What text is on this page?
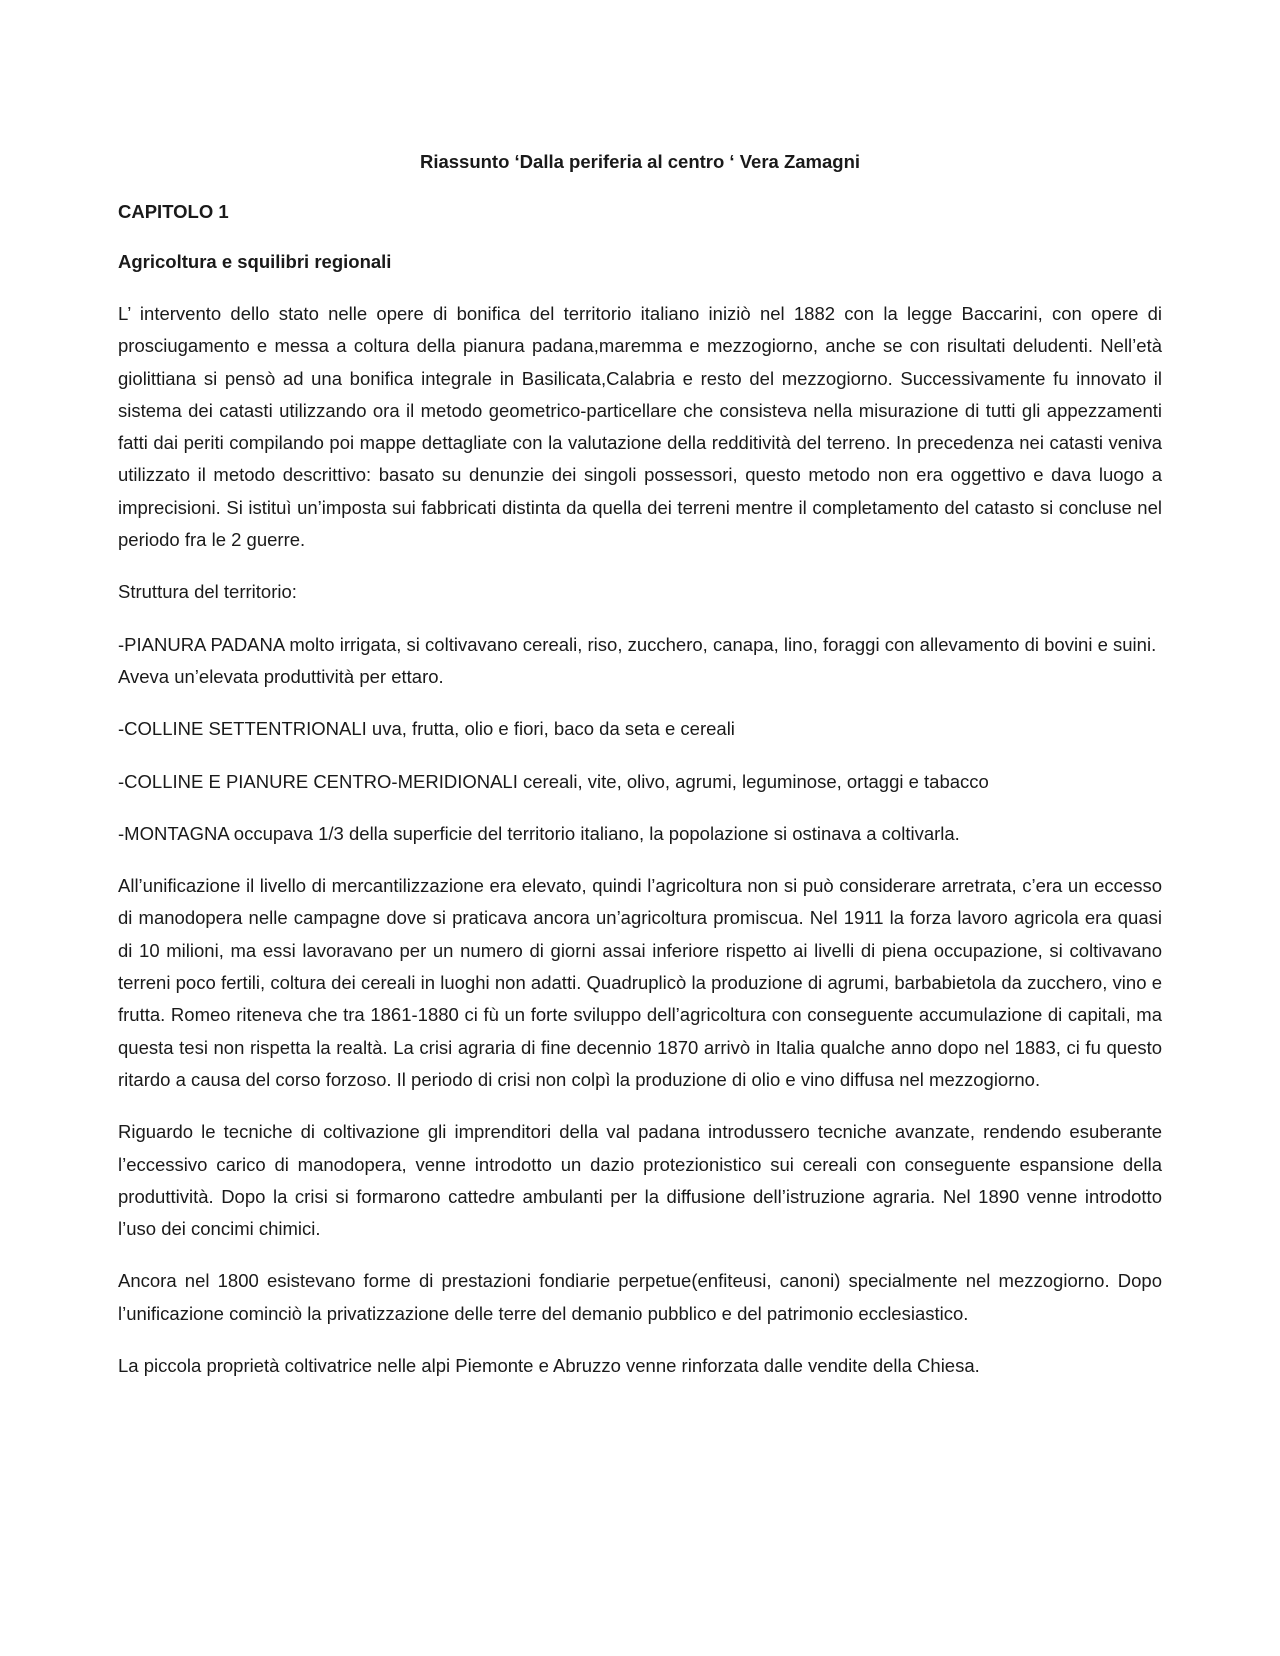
Riassunto ‘Dalla periferia al centro ‘ Vera Zamagni
CAPITOLO 1
Agricoltura e squilibri regionali

L’ intervento dello stato nelle opere di bonifica del territorio italiano iniziò nel 1882 con la legge Baccarini, con opere di prosciugamento e messa a coltura della pianura padana,maremma e mezzogiorno, anche se con risultati deludenti. Nell’età giolittiana si pensò ad una bonifica integrale in Basilicata,Calabria e resto del mezzogiorno. Successivamente fu innovato il sistema dei catasti utilizzando ora il metodo geometrico-particellare che consisteva nella misurazione di tutti gli appezzamenti fatti dai periti compilando poi mappe dettagliate con la valutazione della redditività del terreno. In precedenza nei catasti veniva utilizzato il metodo descrittivo: basato su denunzie dei singoli possessori, questo metodo non era oggettivo e dava luogo a imprecisioni. Si istituì un’imposta sui fabbricati distinta da quella dei terreni mentre il completamento del catasto si concluse nel periodo fra le 2 guerre.

Struttura del territorio:

-PIANURA PADANA molto irrigata, si coltivavano cereali, riso, zucchero, canapa, lino, foraggi con allevamento di bovini e suini. Aveva un’elevata produttività per ettaro.

-COLLINE SETTENTRIONALI uva, frutta, olio e fiori, baco da seta e cereali

-COLLINE E PIANURE CENTRO-MERIDIONALI cereali, vite, olivo, agrumi, leguminose, ortaggi e tabacco

-MONTAGNA occupava 1/3 della superficie del territorio italiano, la popolazione si ostinava a coltivarla.

All’unificazione il livello di mercantilizzazione era elevato, quindi l’agricoltura non si può considerare arretrata, c’era un eccesso di manodopera nelle campagne dove si praticava ancora un’agricoltura promiscua. Nel 1911 la forza lavoro agricola era quasi di 10 milioni, ma essi lavoravano per un numero di giorni assai inferiore rispetto ai livelli di piena occupazione, si coltivavano terreni poco fertili, coltura dei cereali in luoghi non adatti. Quadruplicò la produzione di agrumi, barbabietola da zucchero, vino e frutta. Romeo riteneva che tra 1861-1880 ci fù un forte sviluppo dell’agricoltura con conseguente accumulazione di capitali, ma questa tesi non rispetta la realtà. La crisi agraria di fine decennio 1870 arrivò in Italia qualche anno dopo nel 1883, ci fu questo ritardo a causa del corso forzoso. Il periodo di crisi non colpì la produzione di olio e vino diffusa nel mezzogiorno.

Riguardo le tecniche di coltivazione gli imprenditori della val padana introdussero tecniche avanzate, rendendo esuberante l’eccessivo carico di manodopera, venne introdotto un dazio protezionistico sui cereali con conseguente espansione della produttività. Dopo la crisi si formarono cattedre ambulanti per la diffusione dell’istruzione agraria. Nel 1890 venne introdotto l’uso dei concimi chimici.

Ancora nel 1800 esistevano forme di prestazioni fondiarie perpetue(enfiteusi, canoni) specialmente nel mezzogiorno. Dopo l’unificazione cominciò la privatizzazione delle terre del demanio pubblico e del patrimonio ecclesiastico.

La piccola proprietà coltivatrice nelle alpi Piemonte e Abruzzo venne rinforzata dalle vendite della Chiesa.
